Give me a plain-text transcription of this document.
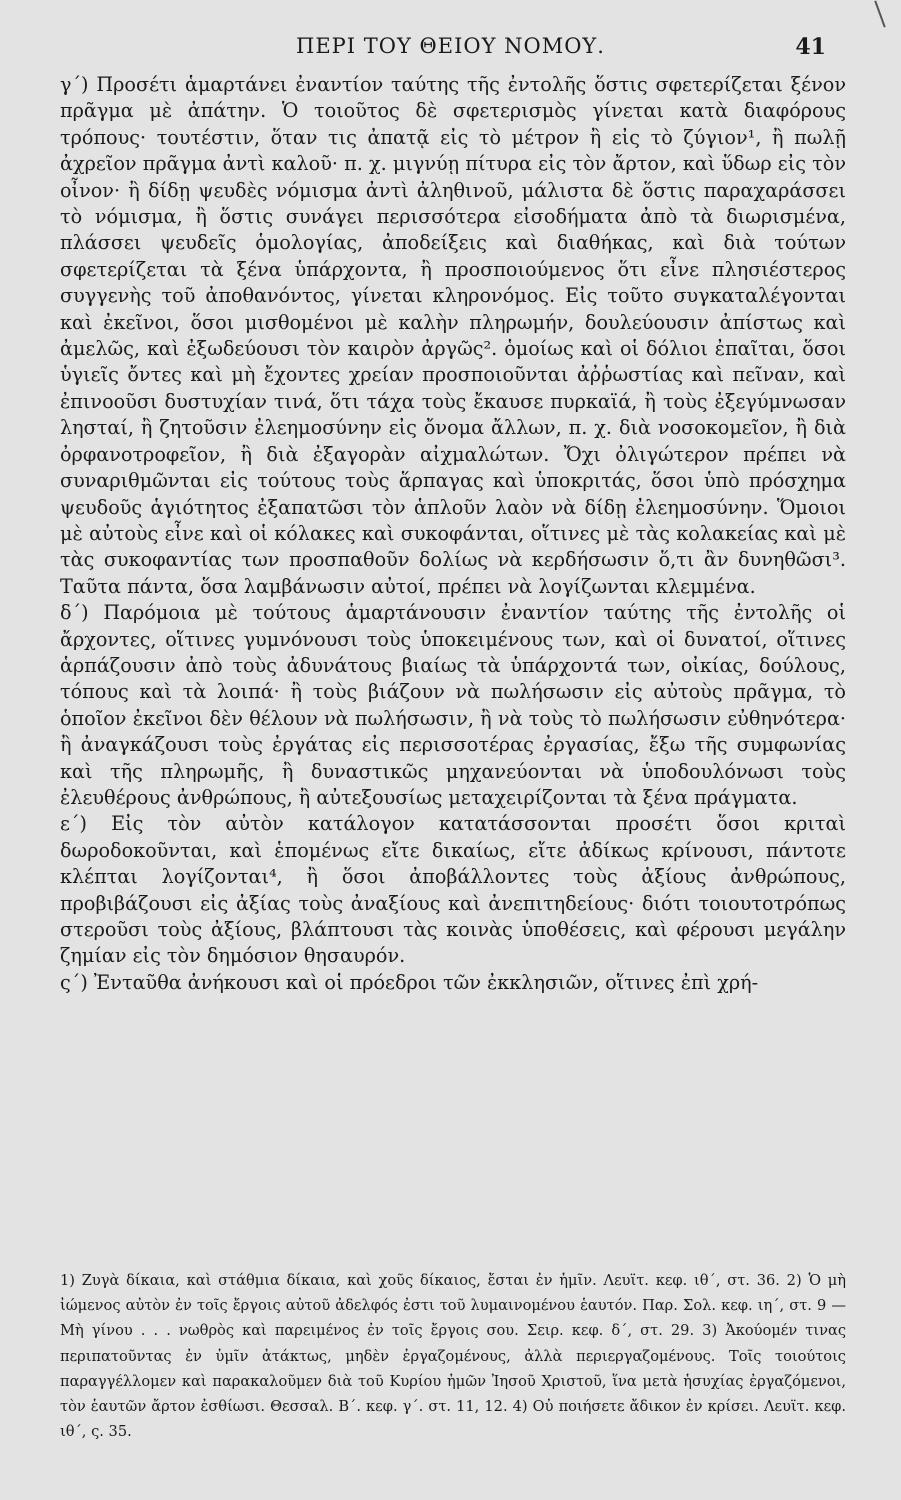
ΠΕΡΙ ΤΟΥ ΘΕΙΟΥ ΝΟΜΟΥ.	41

γ΄) Προσέτι ἁμαρτάνει ἐναντίον ταύτης τῆς ἐντολῆς ὅστις σφετερίζεται ξένον πρᾶγμα μὲ ἀπάτην. Ὁ τοιοῦτος δὲ σφετερισμὸς γίνεται κατὰ διαφόρους τρόπους· τουτέστιν, ὅταν τις ἀπατᾷ εἰς τὸ μέτρον ἢ εἰς τὸ ζύγιον¹, ἢ πωλῇ ἀχρεῖον πρᾶγμα ἀντὶ καλοῦ· π. χ. μιγνύῃ πίτυρα εἰς τὸν ἄρτον, καὶ ὕδωρ εἰς τὸν οἶνον· ἢ δίδῃ ψευδὲς νόμισμα ἀντὶ ἀληθινοῦ, μάλιστα δὲ ὅστις παραχαράσσει τὸ νόμισμα, ἢ ὅστις συνάγει περισσότερα εἰσοδήματα ἀπὸ τὰ διωρισμένα, πλάσσει ψευδεῖς ὁμολογίας, ἀποδείξεις καὶ διαθήκας, καὶ διὰ τούτων σφετερίζεται τὰ ξένα ὑπάρχοντα, ἢ προσποιούμενος ὅτι εἶνε πλησιέστερος συγγενὴς τοῦ ἀποθανόντος, γίνεται κληρονόμος. Εἰς τοῦτο συγκαταλέγονται καὶ ἐκεῖνοι, ὅσοι μισθομένοι μὲ καλὴν πληρωμήν, δουλεύουσιν ἀπίστως καὶ ἀμελῶς, καὶ ἐξωδεύουσι τὸν καιρὸν ἀργῶς². ὁμοίως καὶ οἱ δόλιοι ἐπαῖται, ὅσοι ὑγιεῖς ὄντες καὶ μὴ ἔχοντες χρείαν προσποιοῦνται ἀῤῥωστίας καὶ πεῖναν, καὶ ἐπινοοῦσι δυστυχίαν τινά, ὅτι τάχα τοὺς ἔκαυσε πυρκαϊά, ἢ τοὺς ἐξεγύμνωσαν λησταί, ἢ ζητοῦσιν ἐλεημοσύνην εἰς ὄνομα ἄλλων, π. χ. διὰ νοσοκομεῖον, ἢ διὰ ὀρφανοτροφεῖον, ἢ διὰ ἐξαγορὰν αἰχμαλώτων. Ὄχι ὀλιγώτερον πρέπει νὰ συναριθμῶνται εἰς τούτους τοὺς ἅρπαγας καὶ ὑποκριτάς, ὅσοι ὑπὸ πρόσχημα ψευδοῦς ἁγιότητος ἐξαπατῶσι τὸν ἁπλοῦν λαὸν νὰ δίδῃ ἐλεημοσύνην. Ὅμοιοι μὲ αὐτοὺς εἶνε καὶ οἱ κόλακες καὶ συκοφάνται, οἵτινες μὲ τὰς κολακείας καὶ μὲ τὰς συκοφαντίας των προσπαθοῦν δολίως νὰ κερδήσωσιν ὅ,τι ἂν δυνηθῶσι³. Ταῦτα πάντα, ὅσα λαμβάνωσιν αὐτοί, πρέπει νὰ λογίζωνται κλεμμένα.

δ΄) Παρόμοια μὲ τούτους ἁμαρτάνουσιν ἐναντίον ταύτης τῆς ἐντολῆς οἱ ἄρχοντες, οἵτινες γυμνόνουσι τοὺς ὑποκειμένους των, καὶ οἱ δυνατοί, οἵτινες ἁρπάζουσιν ἀπὸ τοὺς ἀδυνάτους βιαίως τὰ ὑπάρχοντά των, οἰκίας, δούλους, τόπους καὶ τὰ λοιπά· ἢ τοὺς βιάζουν νὰ πωλήσωσιν εἰς αὐτοὺς πρᾶγμα, τὸ ὁποῖον ἐκεῖνοι δὲν θέλουν νὰ πωλήσωσιν, ἢ νὰ τοὺς τὸ πωλήσωσιν εὐθηνότερα· ἢ ἀναγκάζουσι τοὺς ἐργάτας εἰς περισσοτέρας ἐργασίας, ἔξω τῆς συμφωνίας καὶ τῆς πληρωμῆς, ἢ δυναστικῶς μηχανεύονται νὰ ὑποδουλόνωσι τοὺς ἐλευθέρους ἀνθρώπους, ἢ αὐτεξουσίως μεταχειρίζονται τὰ ξένα πράγματα.

ε΄) Εἰς τὸν αὐτὸν κατάλογον κατατάσσονται προσέτι ὅσοι κριταὶ δωροδοκοῦνται, καὶ ἑπομένως εἴτε δικαίως, εἴτε ἀδίκως κρίνουσι, πάντοτε κλέπται λογίζονται⁴, ἢ ὅσοι ἀποβάλλοντες τοὺς ἀξίους ἀνθρώπους, προβιβάζουσι εἰς ἀξίας τοὺς ἀναξίους καὶ ἀνεπιτηδείους· διότι τοιουτοτρόπως στεροῦσι τοὺς ἀξίους, βλάπτουσι τὰς κοινὰς ὑποθέσεις, καὶ φέρουσι μεγάλην ζημίαν εἰς τὸν δημόσιον θησαυρόν.

ς΄) Ἐνταῦθα ἀνήκουσι καὶ οἱ πρόεδροι τῶν ἐκκλησιῶν, οἵτινες ἐπὶ χρή-

1) Ζυγὰ δίκαια, καὶ στάθμια δίκαια, καὶ χοῦς δίκαιος, ἔσται ἐν ἡμῖν. Λευϊτ. κεφ. ιθ΄, στ. 36. 2) Ὁ μὴ ἰώμενος αὐτὸν ἐν τοῖς ἔργοις αὐτοῦ ἀδελφός ἐστι τοῦ λυμαινομένου ἑαυτόν. Παρ. Σολ. κεφ. ιη΄, στ. 9 —Μὴ γίνου . . . νωθρὸς καὶ παρειμένος ἐν τοῖς ἔργοις σου. Σειρ. κεφ. δ΄, στ. 29. 3) Ἀκούομέν τινας περιπατοῦντας ἐν ὑμῖν ἀτάκτως, μηδὲν ἐργαζομένους, ἀλλὰ περιεργαζομένους. Τοῖς τοιούτοις παραγγέλλομεν καὶ παρακαλοῦμεν διὰ τοῦ Κυρίου ἡμῶν Ἰησοῦ Χριστοῦ, ἵνα μετὰ ἡσυχίας ἐργαζόμενοι, τὸν ἑαυτῶν ἄρτον ἐσθίωσι. Θεσσαλ. Β΄. κεφ. γ΄. στ. 11, 12. 4) Οὐ ποιήσετε ἄδικον ἐν κρίσει. Λευϊτ. κεφ. ιθ΄, ς. 35.
